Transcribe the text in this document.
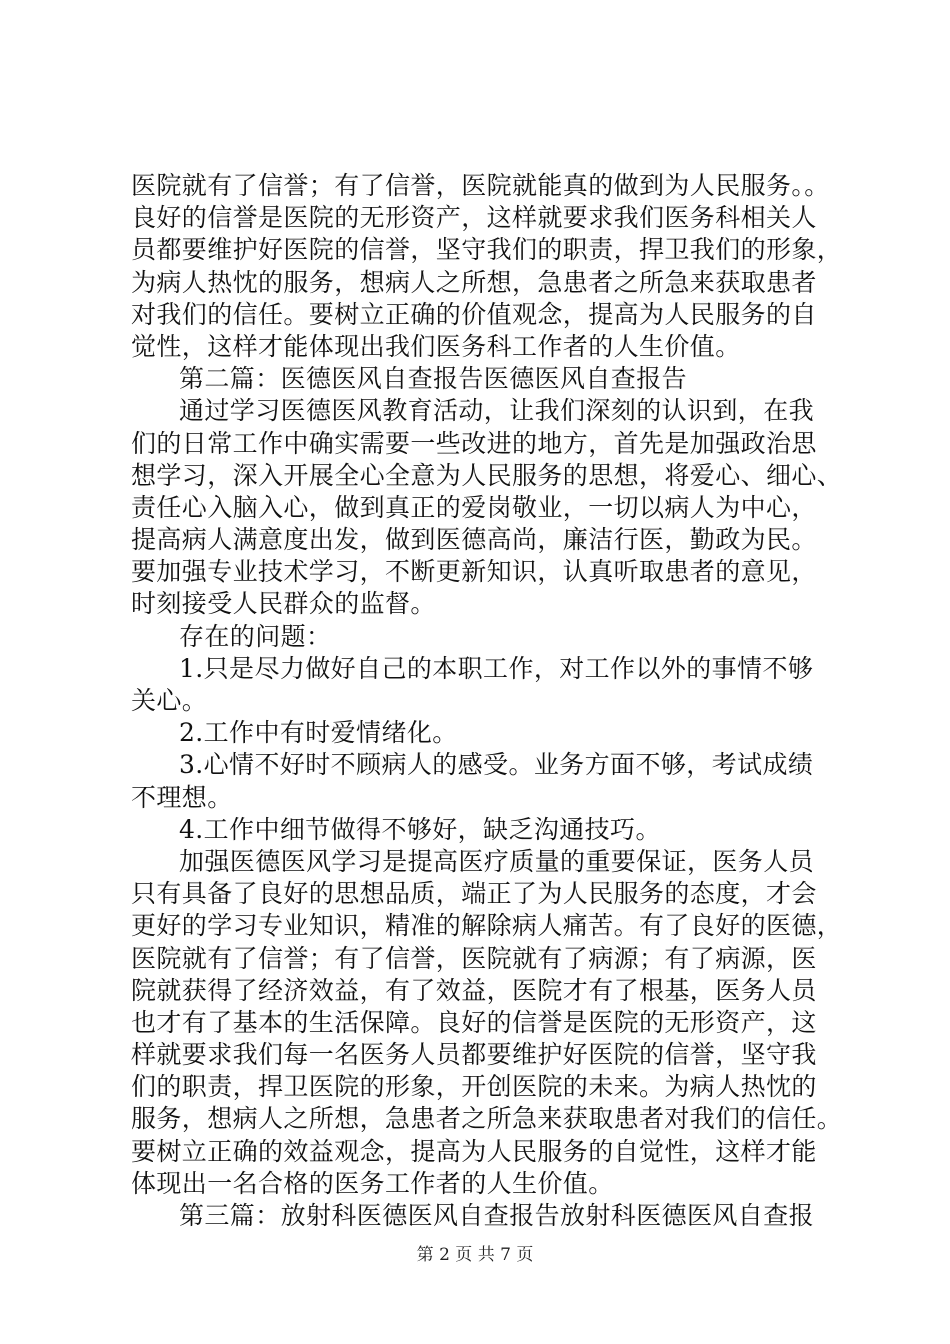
医院就有了信誉；有了信誉，医院就能真的做到为人民服务。。
良好的信誉是医院的无形资产，这样就要求我们医务科相关人
员都要维护好医院的信誉，坚守我们的职责，捍卫我们的形象，
为病人热忱的服务，想病人之所想，急患者之所急来获取患者
对我们的信任。要树立正确的价值观念，提高为人民服务的自
觉性，这样才能体现出我们医务科工作者的人生价值。
第二篇：医德医风自查报告医德医风自查报告
通过学习医德医风教育活动，让我们深刻的认识到，在我
们的日常工作中确实需要一些改进的地方，首先是加强政治思
想学习，深入开展全心全意为人民服务的思想，将爱心、细心、
责任心入脑入心，做到真正的爱岗敬业，一切以病人为中心，
提高病人满意度出发，做到医德高尚，廉洁行医，勤政为民。
要加强专业技术学习，不断更新知识，认真听取患者的意见，
时刻接受人民群众的监督。
存在的问题：
1.只是尽力做好自己的本职工作，对工作以外的事情不够
关心。
2.工作中有时爱情绪化。
3.心情不好时不顾病人的感受。业务方面不够，考试成绩
不理想。
4.工作中细节做得不够好，缺乏沟通技巧。
加强医德医风学习是提高医疗质量的重要保证，医务人员
只有具备了良好的思想品质，端正了为人民服务的态度，才会
更好的学习专业知识，精准的解除病人痛苦。有了良好的医德，
医院就有了信誉；有了信誉，医院就有了病源；有了病源，医
院就获得了经济效益，有了效益，医院才有了根基，医务人员
也才有了基本的生活保障。良好的信誉是医院的无形资产，这
样就要求我们每一名医务人员都要维护好医院的信誉，坚守我
们的职责，捍卫医院的形象，开创医院的未来。为病人热忱的
服务，想病人之所想，急患者之所急来获取患者对我们的信任。
要树立正确的效益观念，提高为人民服务的自觉性，这样才能
体现出一名合格的医务工作者的人生价值。
第三篇：放射科医德医风自查报告放射科医德医风自查报
第 2 页 共 7 页
